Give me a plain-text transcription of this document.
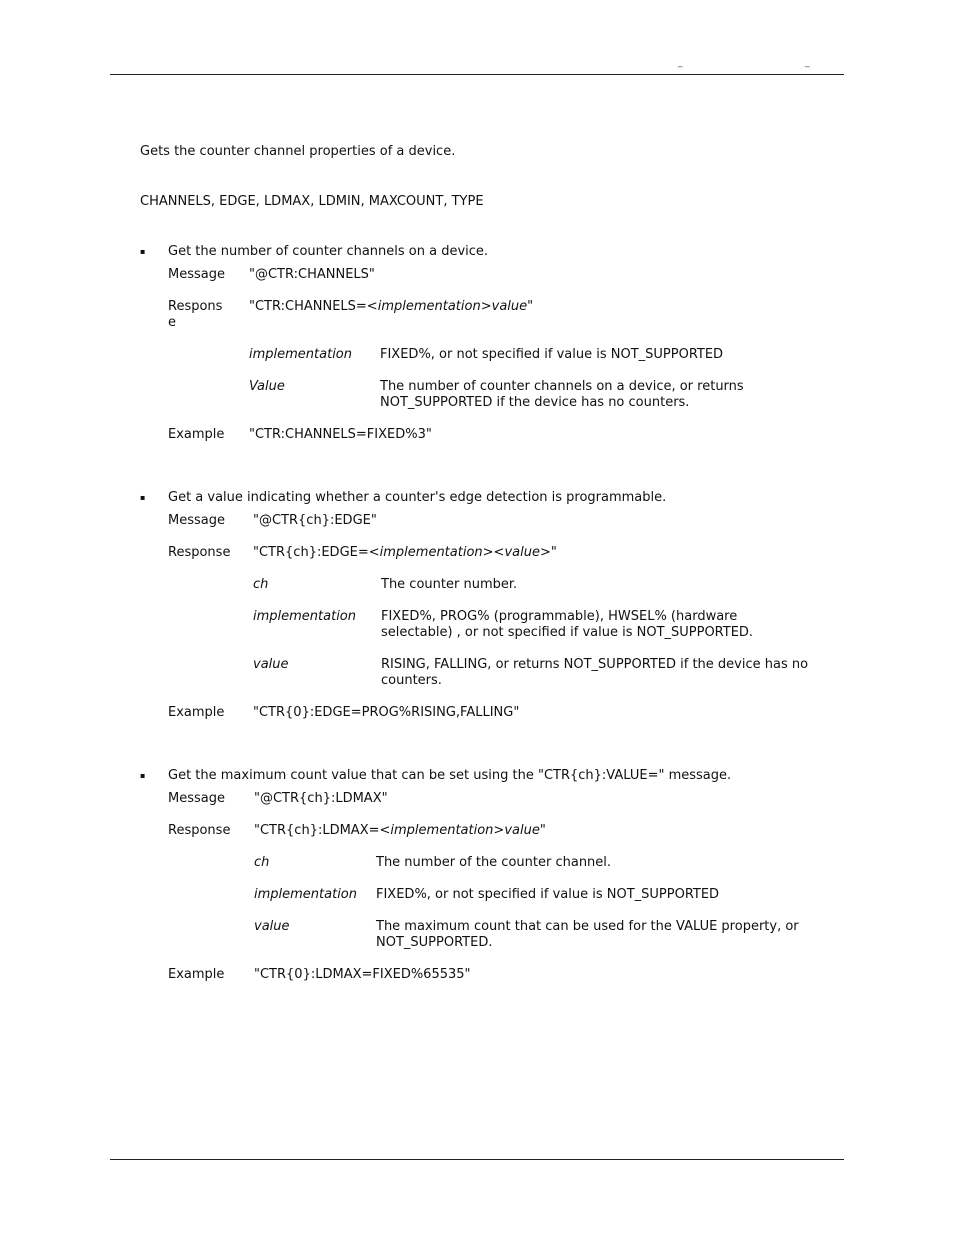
_	_
Gets the counter channel properties of a device.
CHANNELS, EDGE, LDMAX, LDMIN, MAXCOUNT, TYPE
▪ Get the number of counter channels on a device.
Message "@CTR:CHANNELS"
Respons
e
"CTR:CHANNELS=<implementation>value"
implementation FIXED%, or not specified if value is NOT_SUPPORTED
Value	The number of counter channels on a device, or returns NOT_SUPPORTED if the device has no counters.
Example "CTR:CHANNELS=FIXED%3"
▪ Get a value indicating whether a counter's edge detection is programmable.
Message "@CTR{ch}:EDGE"
Response "CTR{ch}:EDGE=<implementation><value>"
ch	The counter number.
implementation FIXED%, PROG% (programmable), HWSEL% (hardware selectable) , or not specified if value is NOT_SUPPORTED.
value	RISING, FALLING, or returns NOT_SUPPORTED if the device has no counters.
Example "CTR{0}:EDGE=PROG%RISING,FALLING"
▪ Get the maximum count value that can be set using the "CTR{ch}:VALUE=" message.
Message "@CTR{ch}:LDMAX"
Response "CTR{ch}:LDMAX=<implementation>value"
ch	The number of the counter channel.
implementation FIXED%, or not specified if value is NOT_SUPPORTED
value	The maximum count that can be used for the VALUE property, or NOT_SUPPORTED.
Example "CTR{0}:LDMAX=FIXED%65535"
